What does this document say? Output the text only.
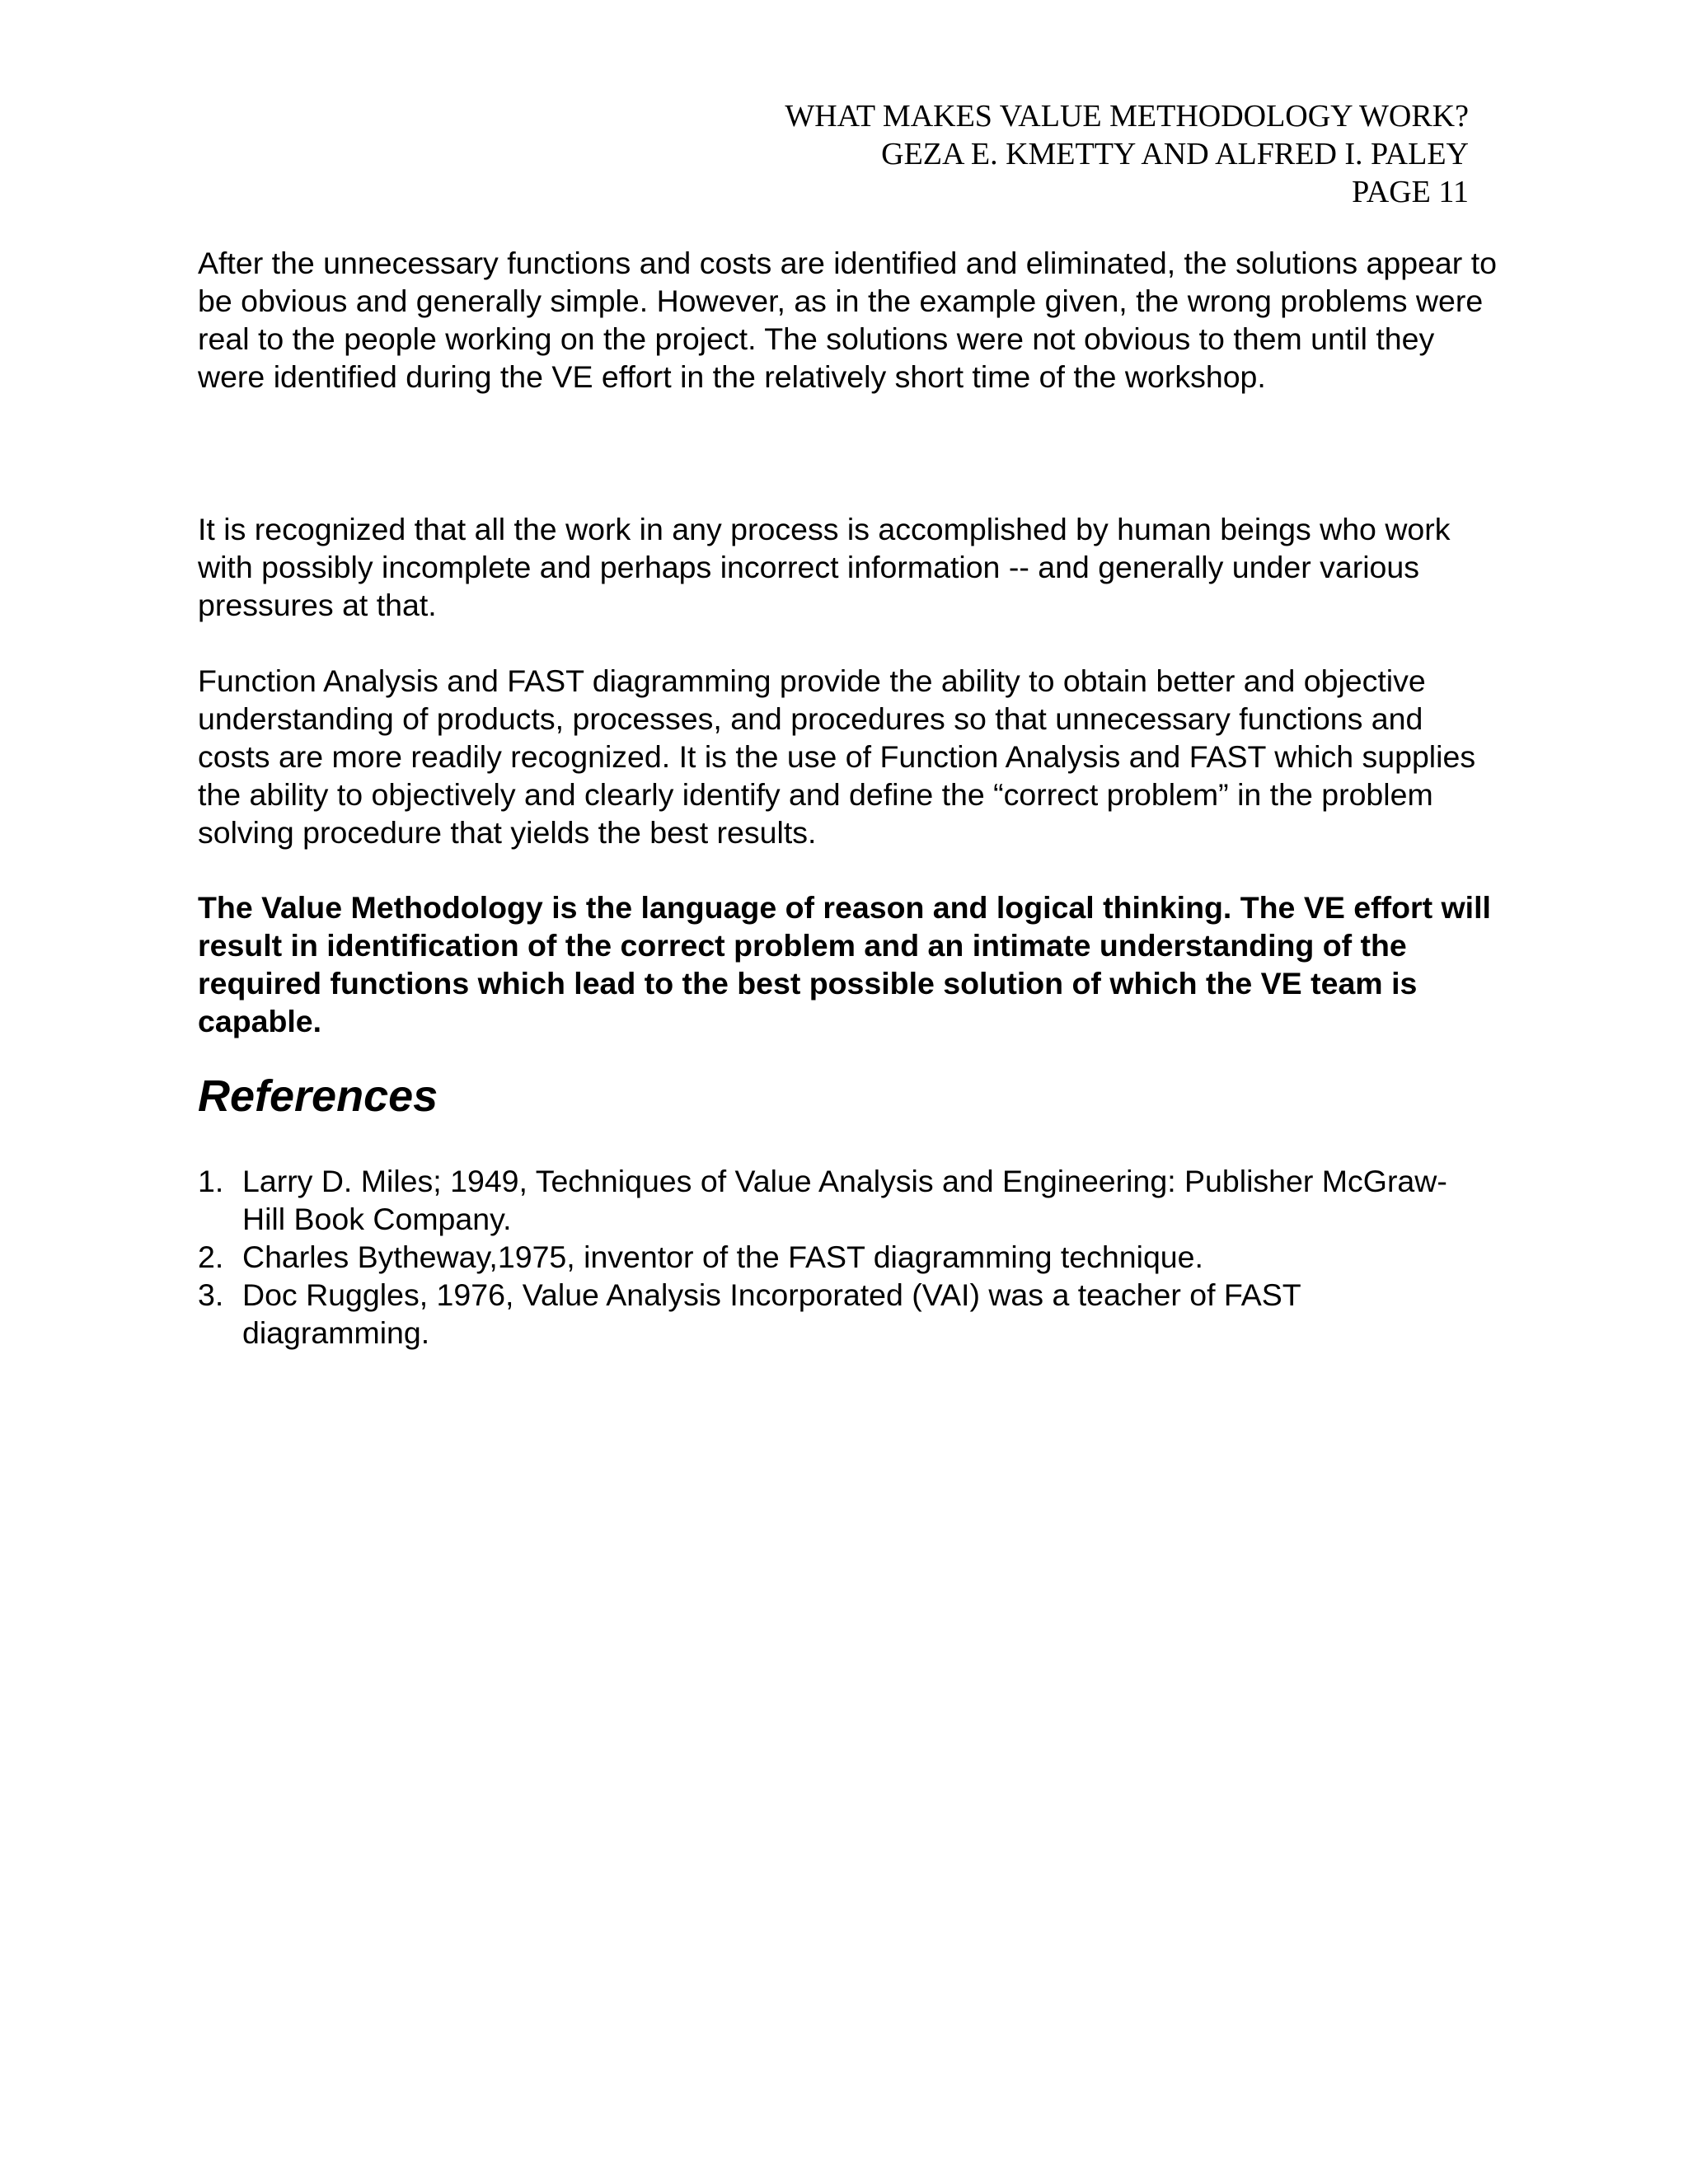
WHAT MAKES VALUE METHODOLOGY WORK?
GEZA E. KMETTY AND ALFRED I. PALEY
PAGE 11

After the unnecessary functions and costs are identified and eliminated, the solutions appear to be obvious and generally simple. However, as in the example given, the wrong problems were real to the people working on the project. The solutions were not obvious to them until they were identified during the VE effort in the relatively short time of the workshop.

It is recognized that all the work in any process is accomplished by human beings who work with possibly incomplete and perhaps incorrect information -- and generally under various pressures at that.

Function Analysis and FAST diagramming provide the ability to obtain better and objective understanding of products, processes, and procedures so that unnecessary functions and costs are more readily recognized. It is the use of Function Analysis and FAST which supplies the ability to objectively and clearly identify and define the “correct problem” in the problem solving procedure that yields the best results.

The Value Methodology is the language of reason and logical thinking. The VE effort will result in identification of the correct problem and an intimate understanding of the required functions which lead to the best possible solution of which the VE team is capable.

References
1. Larry D. Miles; 1949, Techniques of Value Analysis and Engineering: Publisher McGraw-Hill Book Company.
2. Charles Bytheway,1975, inventor of the FAST diagramming technique.
3. Doc Ruggles, 1976, Value Analysis Incorporated (VAI) was a teacher of FAST diagramming.
